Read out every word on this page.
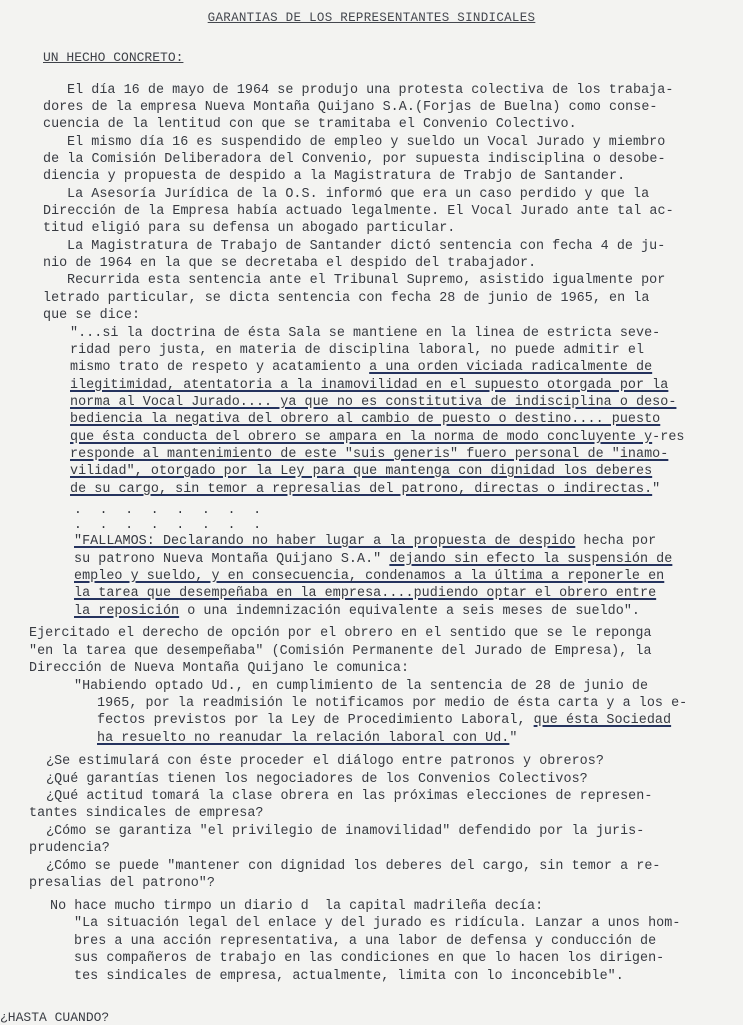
GARANTIAS DE LOS REPRESENTANTES SINDICALES
UN HECHO CONCRETO:
El día 16 de mayo de 1964 se produjo una protesta colectiva de los trabaja-
dores de la empresa Nueva Montaña Quijano S.A.(Forjas de Buelna) como conse-
cuencia de la lentitud con que se tramitaba el Convenio Colectivo.
El mismo día 16 es suspendido de empleo y sueldo un Vocal Jurado y miembro
de la Comisión Deliberadora del Convenio, por supuesta indisciplina o desobe-
diencia y propuesta de despido a la Magistratura de Trabjo de Santander.
La Asesoría Jurídica de la O.S. informó que era un caso perdido y que la
Dirección de la Empresa había actuado legalmente. El Vocal Jurado ante tal ac-
titud eligió para su defensa un abogado particular.
La Magistratura de Trabajo de Santander dictó sentencia con fecha 4 de ju-
nio de 1964 en la que se decretaba el despido del trabajador.
Recurrida esta sentencia ante el Tribunal Supremo, asistido igualmente por
letrado particular, se dicta sentencia con fecha 28 de junio de 1965, en la
que se dice:
"...si la doctrina de ésta Sala se mantiene en la linea de estricta seve-
ridad pero justa, en materia de disciplina laboral, no puede admitir el
mismo trato de respeto y acatamiento a una orden viciada radicalmente de
ilegitimidad, atentatoria a la inamovilidad en el supuesto otorgada por la
norma al Vocal Jurado.... ya que no es constitutiva de indisciplina o deso-
bediencia la negativa del obrero al cambio de puesto o destino.... puesto
que ésta conducta del obrero se ampara en la norma de modo concluyente y-res
responde al mantenimiento de este "suis generis" fuero personal de "inamo-
vilidad", otorgado por la Ley para que mantenga con dignidad los deberes
de su cargo, sin temor a represalias del patrono, directas o indirectas."
"FALLAMOS: Declarando no haber lugar a la propuesta de despido hecha por
su patrono Nueva Montaña Quijano S.A." dejando sin efecto la suspensión de
empleo y sueldo, y en consecuencia, condenamos a la última a reponerle en
la tarea que desempeñaba en la empresa....pudiendo optar el obrero entre
la reposición o una indemnización equivalente a seis meses de sueldo".
Ejercitado el derecho de opción por el obrero en el sentido que se le reponga
"en la tarea que desempeñaba" (Comisión Permanente del Jurado de Empresa), la
Dirección de Nueva Montaña Quijano le comunica:
"Habiendo optado Ud., en cumplimiento de la sentencia de 28 de junio de
1965, por la readmisión le notificamos por medio de ésta carta y a los e-
fectos previstos por la Ley de Procedimiento Laboral, que ésta Sociedad
ha resuelto no reanudar la relación laboral con Ud."
¿Se estimulará con éste proceder el diálogo entre patronos y obreros?
¿Qué garantías tienen los negociadores de los Convenios Colectivos?
¿Qué actitud tomará la clase obrera en las próximas elecciones de represen-
tantes sindicales de empresa?
¿Cómo se garantiza "el privilegio de inamovilidad" defendido por la juris-
prudencia?
¿Cómo se puede "mantener con dignidad los deberes del cargo, sin temor a re-
presalias del patrono"?
No hace mucho tirmpo un diario d  la capital madrileña decía:
"La situación legal del enlace y del jurado es ridícula. Lanzar a unos hom-
bres a una acción representativa, a una labor de defensa y conducción de
sus compañeros de trabajo en las condiciones en que lo hacen los dirigen-
tes sindicales de empresa, actualmente, limita con lo inconcebible".
. . . . . . . .
. . . . . . . .
¿HASTA CUANDO?
